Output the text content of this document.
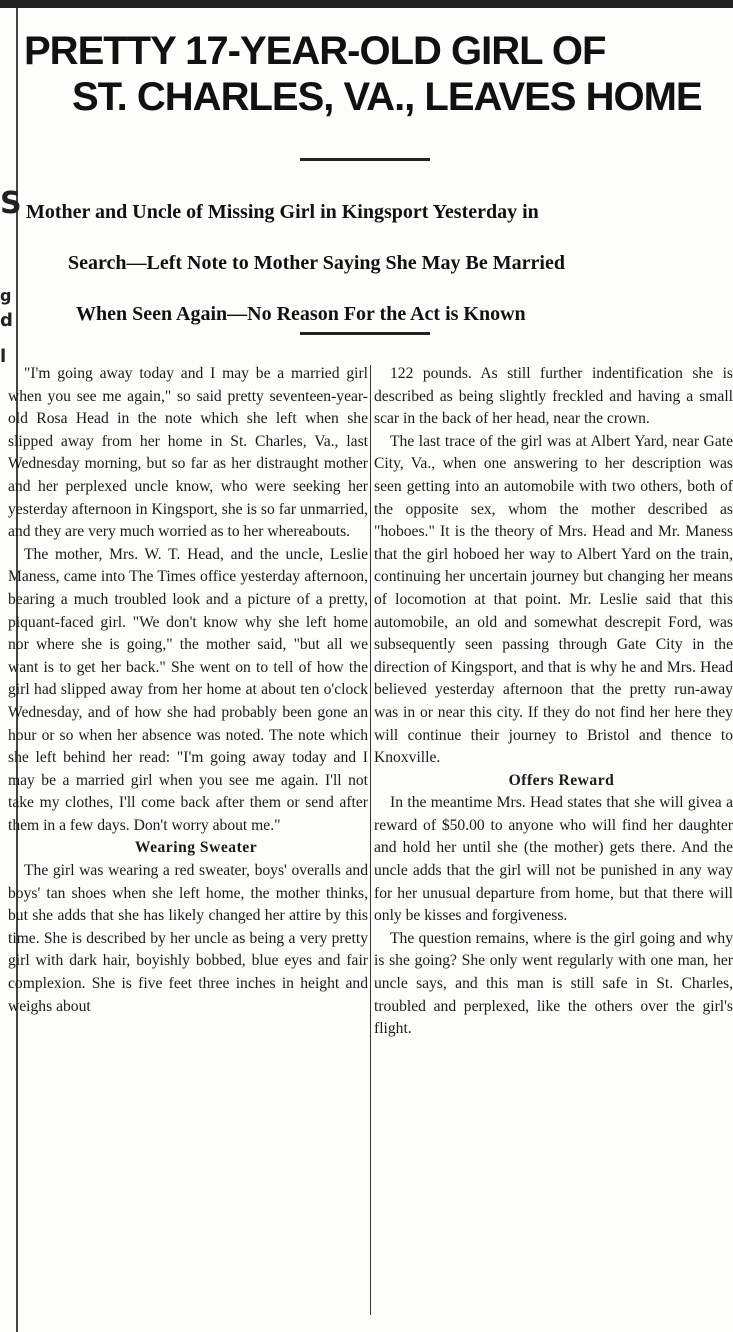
S
g
d
l
PRETTY 17-YEAR-OLD GIRL OF
ST. CHARLES, VA., LEAVES HOME
Mother and Uncle of Missing Girl in Kingsport Yesterday in
Search—Left Note to Mother Saying She May Be Married
When Seen Again—No Reason For the Act is Known

"I'm going away today and I may be a married girl when you see me again," so said pretty seventeen-year-old Rosa Head in the note which she left when she slipped away from her home in St. Charles, Va., last Wednesday morning, but so far as her distraught mother and her perplexed uncle know, who were seeking her yesterday afternoon in Kingsport, she is so far unmarried, and they are very much worried as to her whereabouts.

The mother, Mrs. W. T. Head, and the uncle, Leslie Maness, came into The Times office yesterday afternoon, bearing a much troubled look and a picture of a pretty, piquant-faced girl. "We don't know why she left home nor where she is going," the mother said, "but all we want is to get her back." She went on to tell of how the girl had slipped away from her home at about ten o'clock Wednesday, and of how she had probably been gone an hour or so when her absence was noted. The note which she left behind her read: "I'm going away today and I may be a married girl when you see me again. I'll not take my clothes, I'll come back after them or send after them in a few days. Don't worry about me."

Wearing Sweater

The girl was wearing a red sweater, boys' overalls and boys' tan shoes when she left home, the mother thinks, but she adds that she has likely changed her attire by this time. She is described by her uncle as being a very pretty girl with dark hair, boyishly bobbed, blue eyes and fair complexion. She is five feet three inches in height and weighs about

122 pounds. As still further indentification she is described as being slightly freckled and having a small scar in the back of her head, near the crown.

The last trace of the girl was at Albert Yard, near Gate City, Va., when one answering to her description was seen getting into an automobile with two others, both of the opposite sex, whom the mother described as "hoboes." It is the theory of Mrs. Head and Mr. Maness that the girl hoboed her way to Albert Yard on the train, continuing her uncertain journey but changing her means of locomotion at that point. Mr. Leslie said that this automobile, an old and somewhat descrepit Ford, was subsequently seen passing through Gate City in the direction of Kingsport, and that is why he and Mrs. Head believed yesterday afternoon that the pretty run-away was in or near this city. If they do not find her here they will continue their journey to Bristol and thence to Knoxville.

Offers Reward

In the meantime Mrs. Head states that she will givea a reward of $50.00 to anyone who will find her daughter and hold her until she (the mother) gets there. And the uncle adds that the girl will not be punished in any way for her unusual departure from home, but that there will only be kisses and forgiveness.

The question remains, where is the girl going and why is she going? She only went regularly with one man, her uncle says, and this man is still safe in St. Charles, troubled and perplexed, like the others over the girl's flight.
